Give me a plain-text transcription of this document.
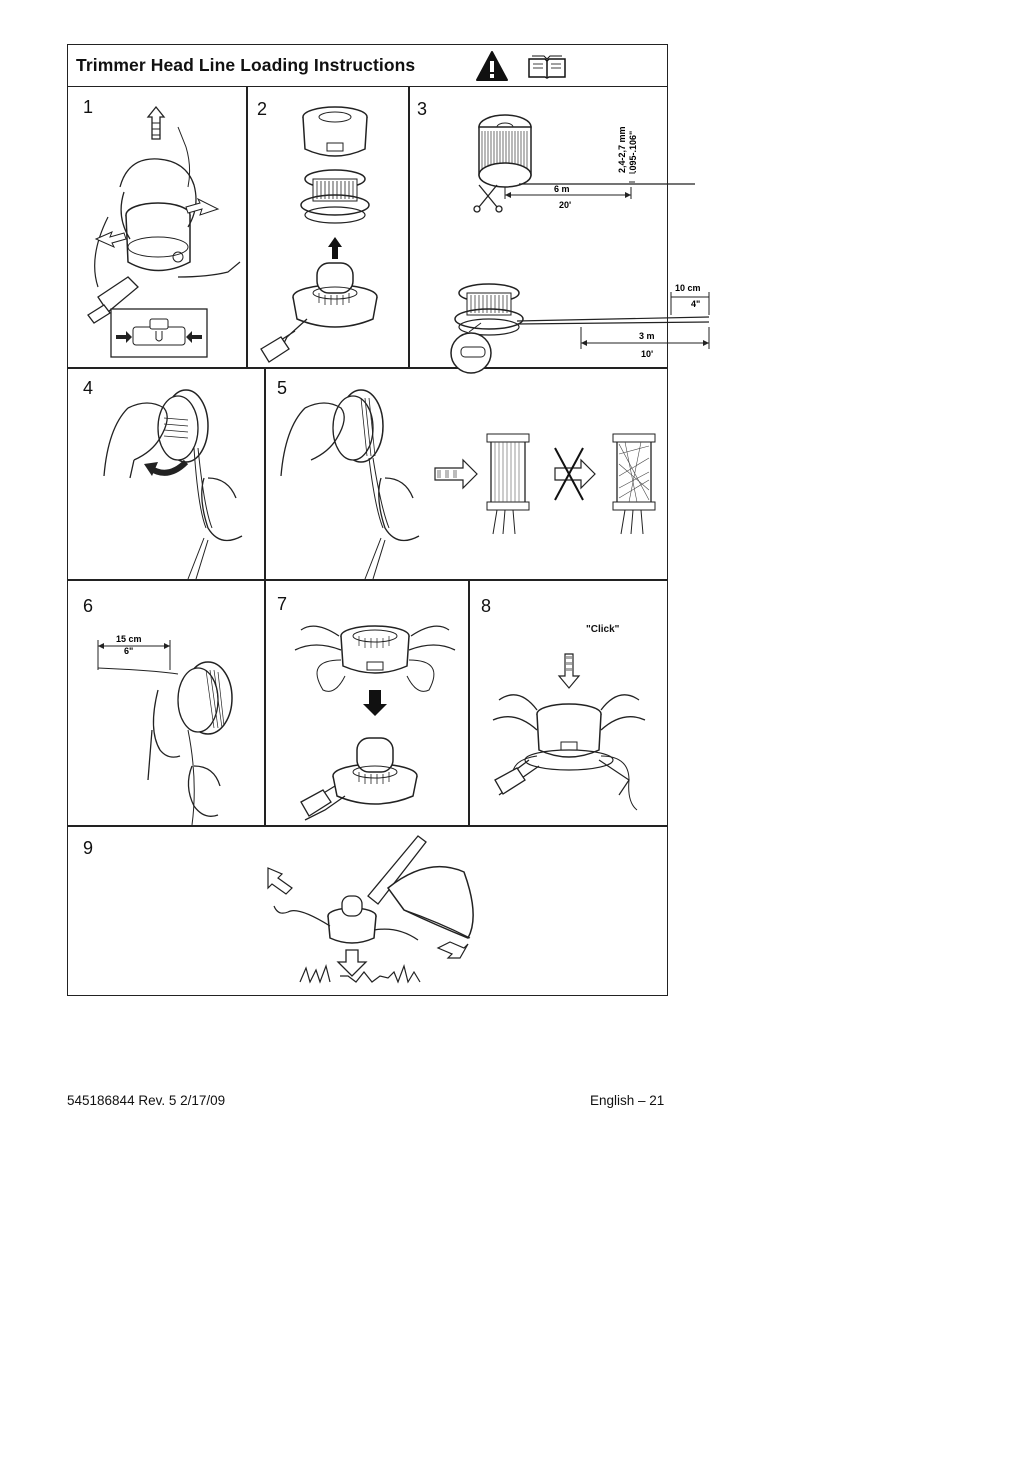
Trimmer Head Line Loading Instructions
1	2	3
6 m
20'
2,4-2,7 mm .095-.106"
10 cm
4"
3 m
10'
4	5
6
15 cm
6"
7	8
"Click"
9
545186844 Rev. 5 2/17/09	English – 21
